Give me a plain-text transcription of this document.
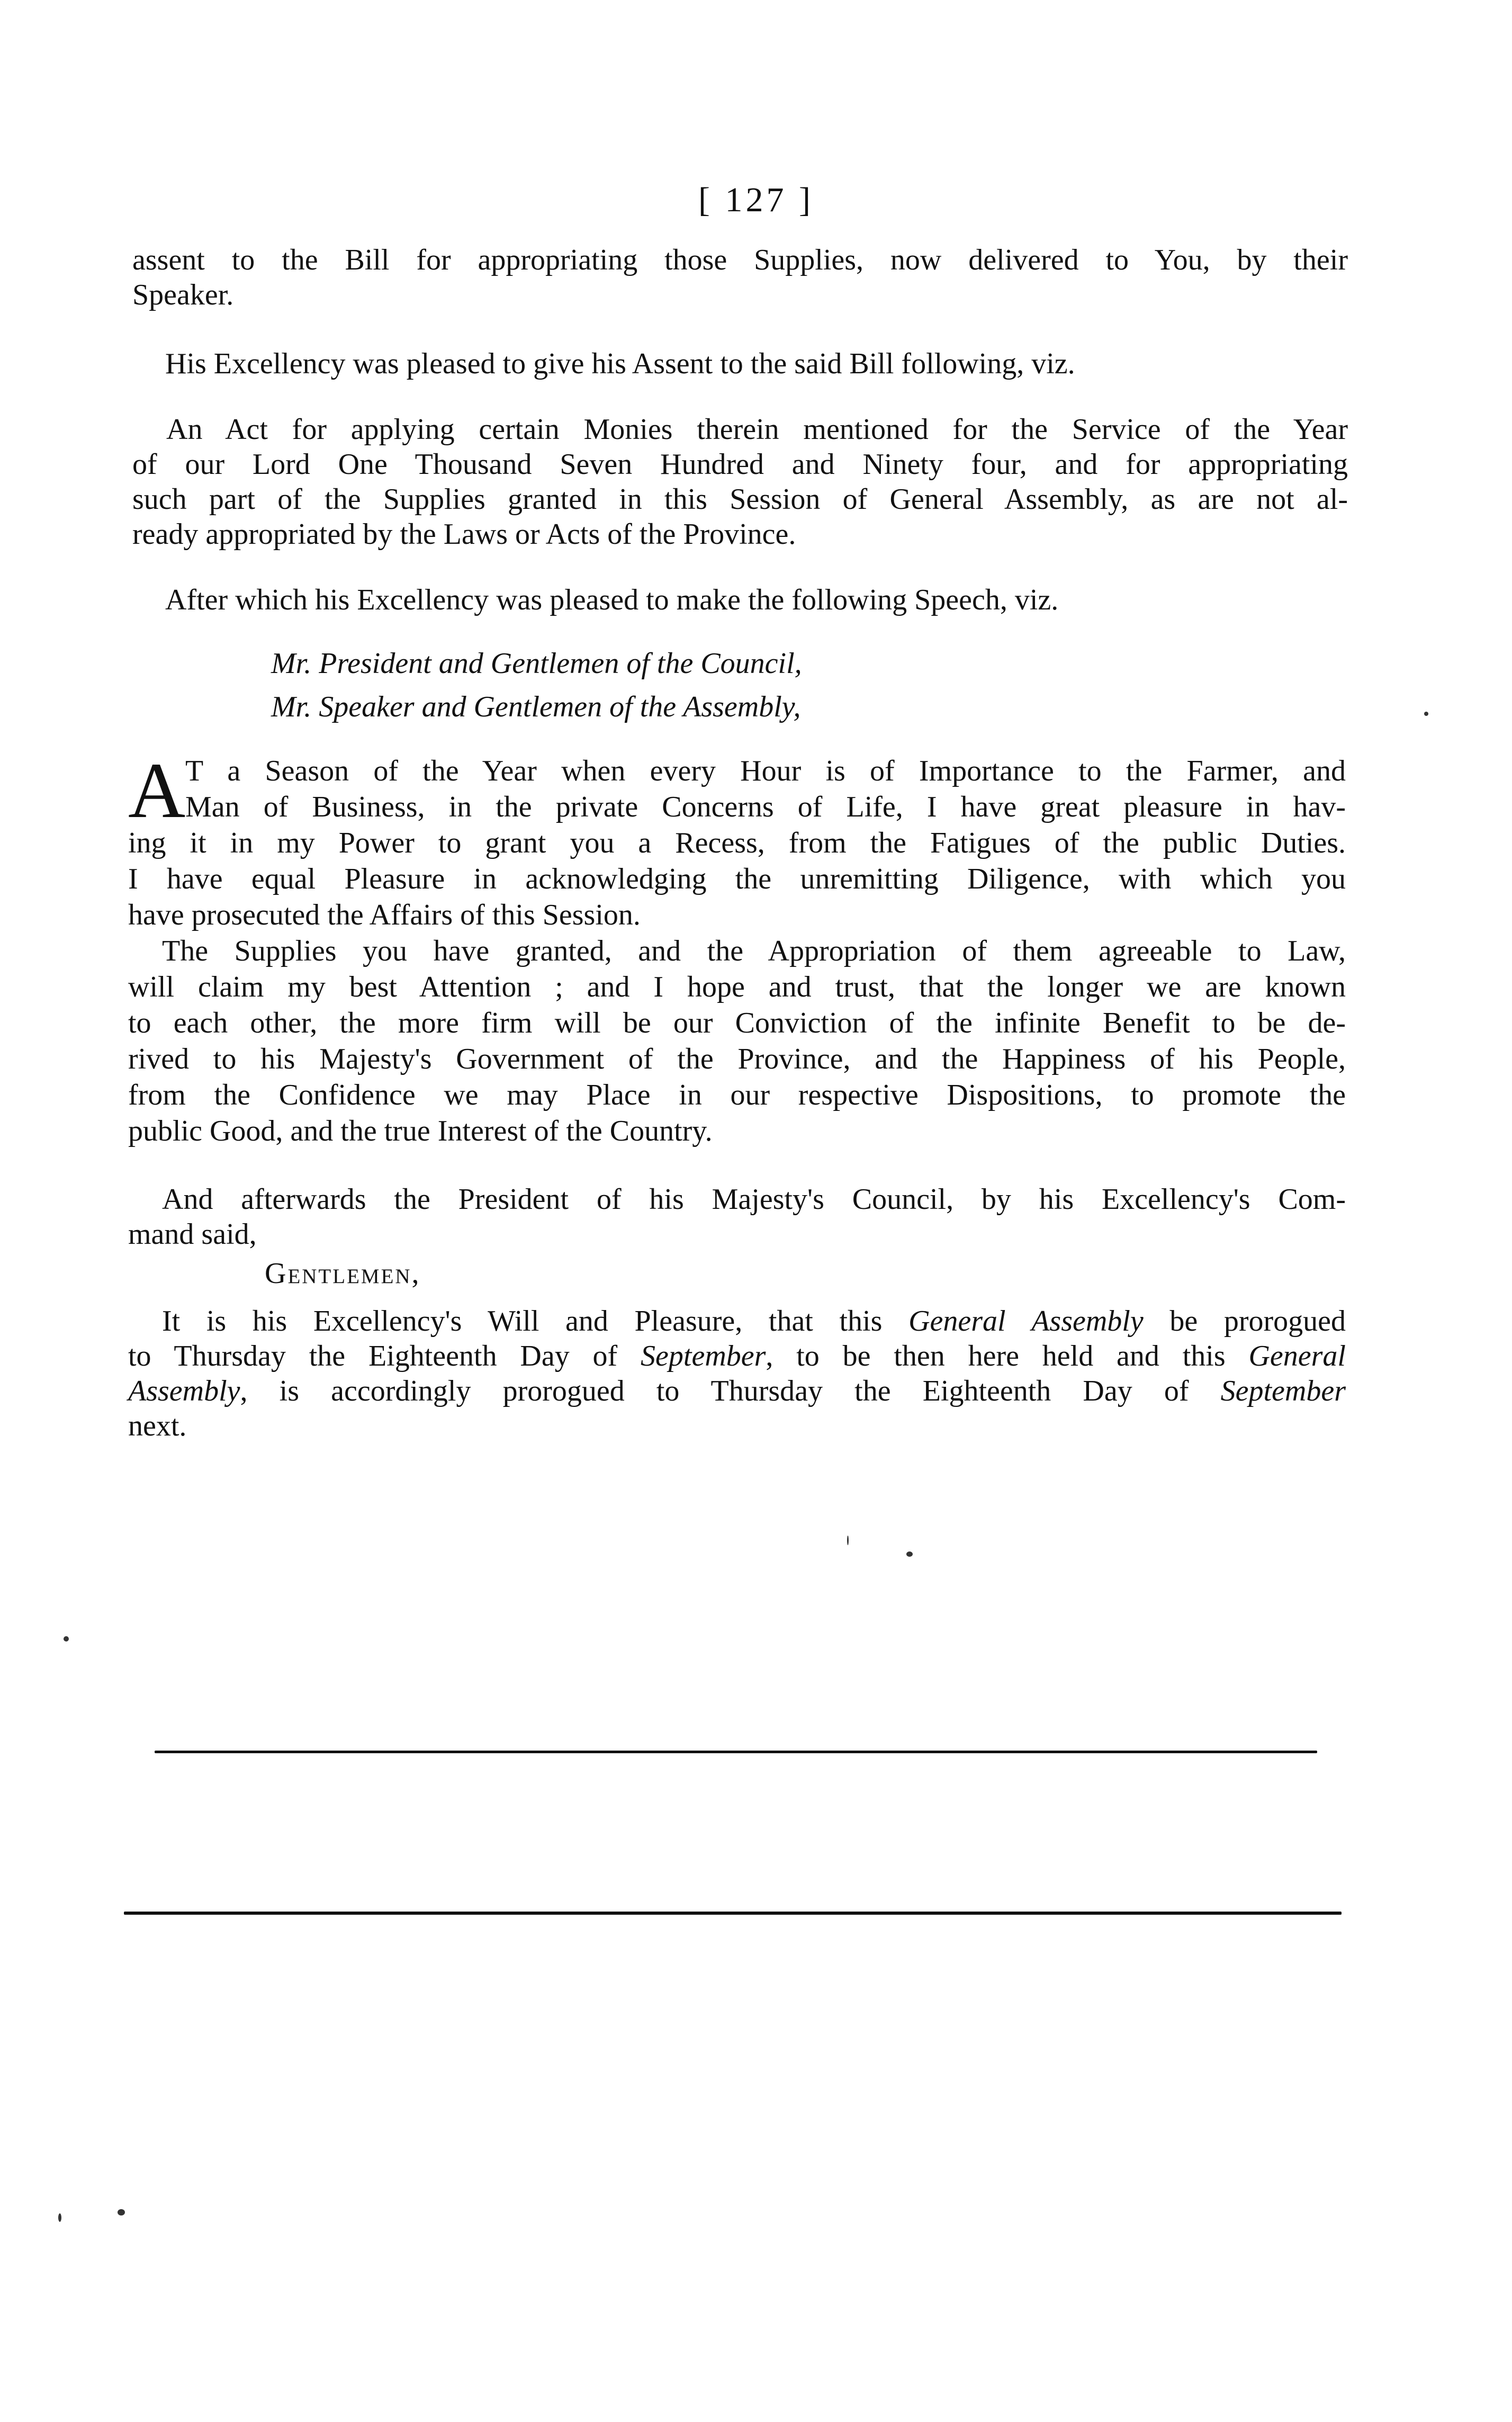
[ 127 ]
assent to the Bill for appropriating those Supplies, now delivered to You, by their
Speaker.
His Excellency was pleased to give his Assent to the said Bill following, viz.
An Act for applying certain Monies therein mentioned for the Service of the Year
of our Lord One Thousand Seven Hundred and Ninety four, and for appropriating
such part of the Supplies granted in this Session of General Assembly, as are not al-
ready appropriated by the Laws or Acts of the Province.
After which his Excellency was pleased to make the following Speech, viz.
Mr. President and Gentlemen of the Council,
Mr. Speaker and Gentlemen of the Assembly,
A T a Season of the Year when every Hour is of Importance to the Farmer, and
Man of Business, in the private Concerns of Life, I have great pleasure in hav-
ing it in my Power to grant you a Recess, from the Fatigues of the public Duties.
I have equal Pleasure in acknowledging the unremitting Diligence, with which you
have prosecuted the Affairs of this Session.
The Supplies you have granted, and the Appropriation of them agreeable to Law,
will claim my best Attention ; and I hope and trust, that the longer we are known
to each other, the more firm will be our Conviction of the infinite Benefit to be de-
rived to his Majesty's Government of the Province, and the Happiness of his People,
from the Confidence we may Place in our respective Dispositions, to promote the
public Good, and the true Interest of the Country.
And afterwards the President of his Majesty's Council, by his Excellency's Com-
mand said,
Gentlemen,
It is his Excellency's Will and Pleasure, that this General Assembly be prorogued
to Thursday the Eighteenth Day of September, to be then here held and this General
Assembly, is accordingly prorogued to Thursday the Eighteenth Day of September
next.
